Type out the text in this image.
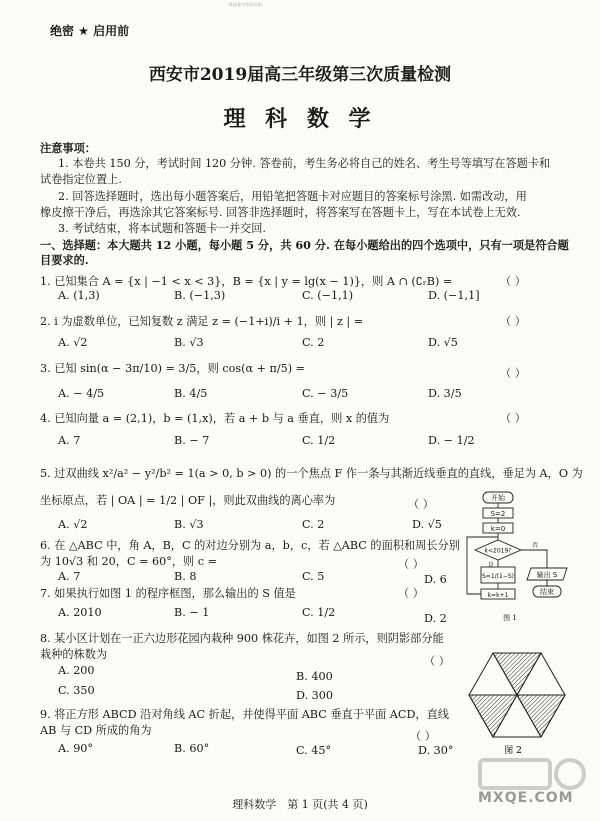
（本试卷为考试用卷）
绝密 ★ 启用前
西安市2019届高三年级第三次质量检测
理 科 数 学
注意事项：
1. 本卷共 150 分，考试时间 120 分钟. 答卷前，考生务必将自己的姓名、考生号等填写在答题卡和
试卷指定位置上.
2. 回答选择题时，选出每小题答案后，用铅笔把答题卡对应题目的答案标号涂黑. 如需改动，用
橡皮擦干净后，再选涂其它答案标号. 回答非选择题时，将答案写在答题卡上，写在本试卷上无效.
3. 考试结束，将本试题和答题卡一并交回.
一、选择题：本大题共 12 小题，每小题 5 分，共 60 分. 在每小题给出的四个选项中，只有一项是符合题
目要求的.
1. 已知集合 A = {x | −1 < x < 3}，B = {x | y = lg(x − 1)}，则 A ∩ (∁ᵣB) =	（ ）
A. (1,3)	B. (−1,3)	C. (−1,1)	D. (−1,1]
2. i 为虚数单位，已知复数 z 满足 z = (−1+i)/i + 1，则 | z | =	（ ）
A. √2	B. √3	C. 2	D. √5
3. 已知 sin(α − 3π/10) = 3/5，则 cos(α + π/5) =	（ ）
A. − 4/5	B. 4/5	C. − 3/5	D. 3/5
4. 已知向量 a = (2,1)，b = (1,x)，若 a + b 与 a 垂直，则 x 的值为	（ ）
A. 7	B. − 7	C. 1/2	D. − 1/2
5. 过双曲线 x²/a² − y²/b² = 1(a > 0, b > 0) 的一个焦点 F 作一条与其渐近线垂直的直线，垂足为 A，O 为
坐标原点，若 | OA | = 1/2 | OF |，则此双曲线的离心率为	（ ）
A. √2	B. √3	C. 2	D. √5
6. 在 △ABC 中，角 A，B，C 的对边分别为 a，b，c，若 △ABC 的面积和周长分别
为 10√3 和 20，C = 60°，则 c =	（ ）
A. 7	B. 8	C. 5	D. 6
7. 如果执行如图 1 的程序框图，那么输出的 S 值是	（ ）
A. 2010	B. − 1	C. 1/2	D. 2
8. 某小区计划在一正六边形花园内栽种 900 株花卉，如图 2 所示，则阴影部分能
栽种的株数为
（ ）
A. 200	B. 400
C. 350	D. 300
9. 将正方形 ABCD 沿对角线 AC 折起，并使得平面 ABC 垂直于平面 ACD，直线
AB 与 CD 所成的角为	（ ）
A. 90°	B. 60°	C. 45°	D. 30°
开始
S=2
k=0
k<2019?
是
否
S=1/(1−S)
k=k+1
输出 S
结束
图 1
图 2
MXQE.COM
理科数学　第 1 页(共 4 页)
